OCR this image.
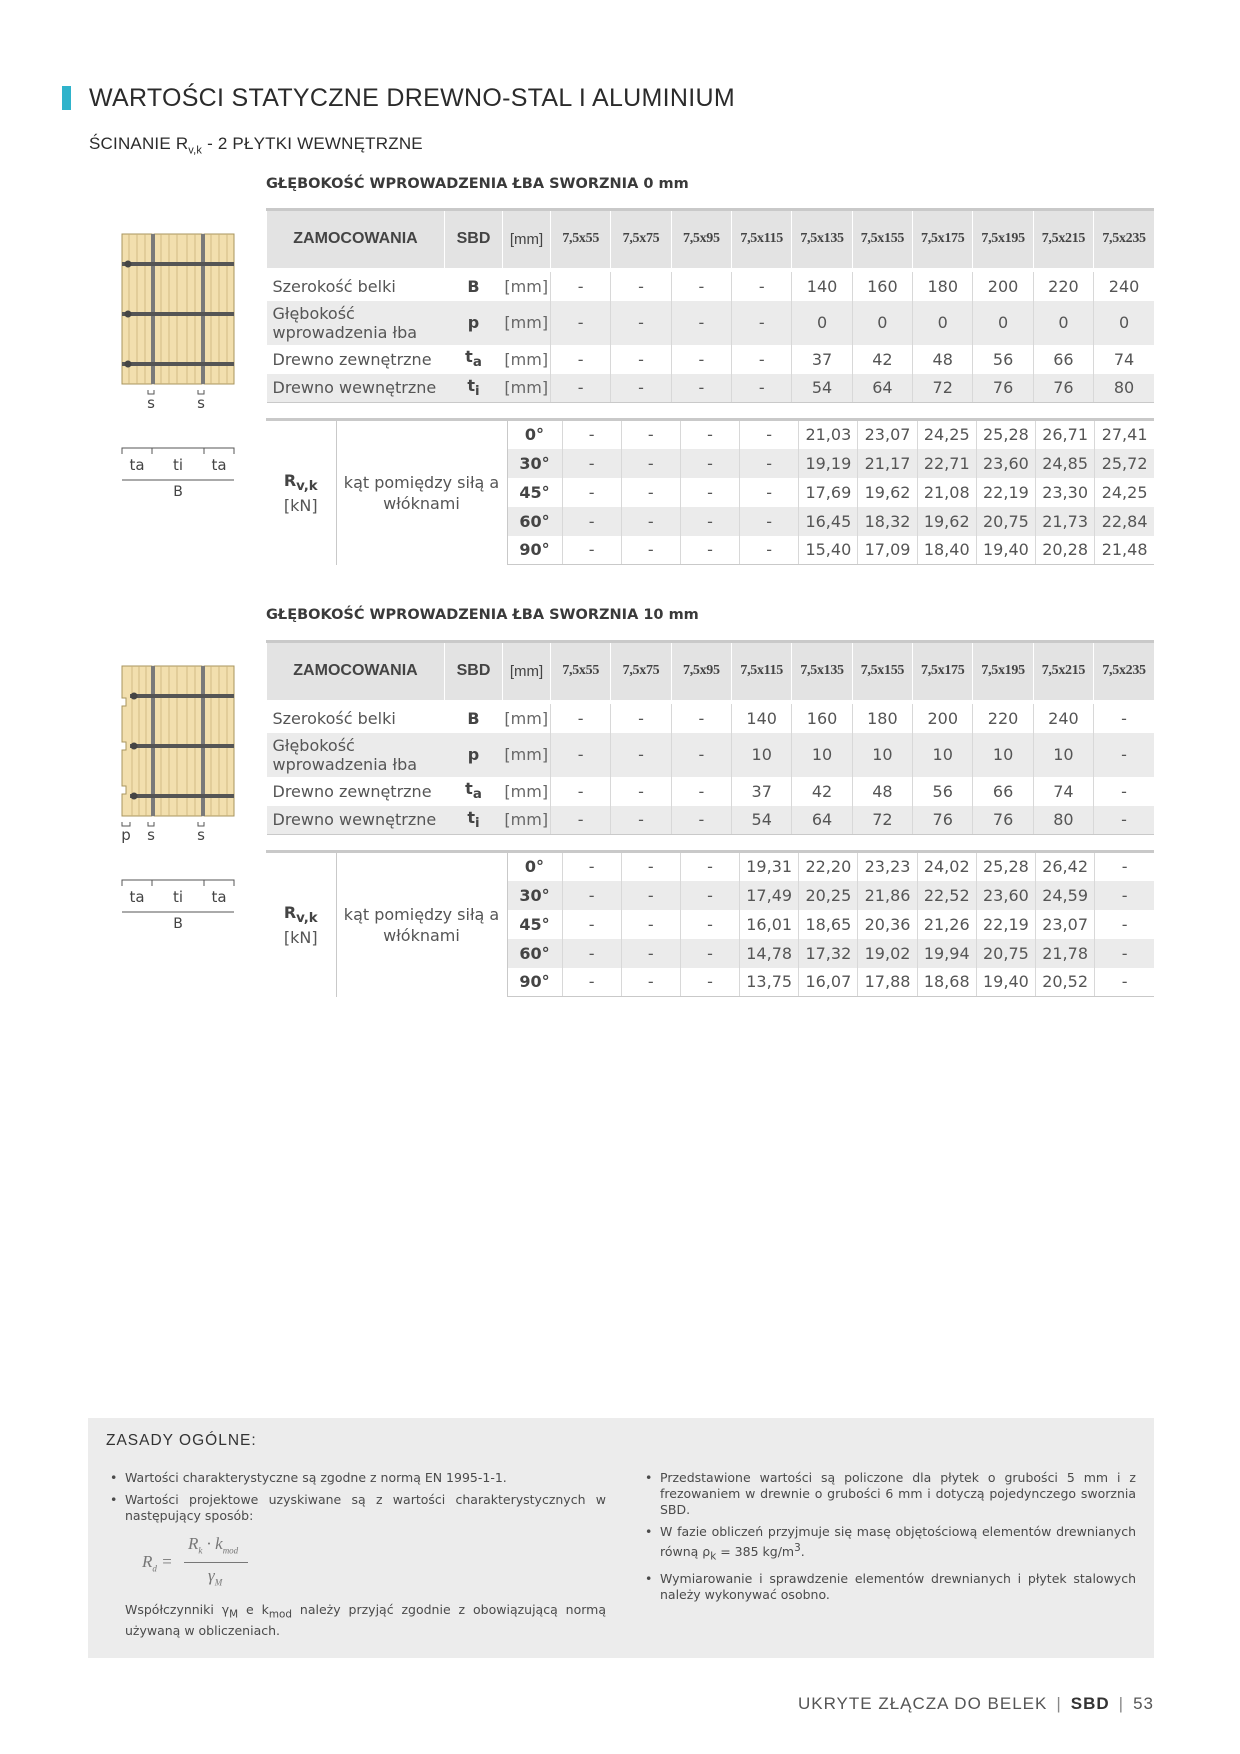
WARTOŚCI STATYCZNE DREWNO-STAL I ALUMINIUM
ŚCINANIE $R_{v,k} - 2$ PŁYTKI WEWNĘTRZNE
GŁĘBOKOŚĆ WPROWADZENIA ŁBA SWORZNIA 0 mm
ZAMOCOWANIA	SBD	[mm]	7,5x55	7,5x75	7,5x95	7,5x115	7,5x135	7,5x155	7,5x175	7,5x195	7,5x215	7,5x235

Szerokość belki	B	[mm]	-	-	-	-	140	160	180	200	220	240
Głębokość wprowadzenia łba	p	[mm]	-	-	-	-	0	0	0	0	0	0
Drewno zewnętrzne	$t_a$	[mm]	-	-	-	-	37	42	48	56	66	74
Drewno wewnętrzne	$t_i$	[mm]	-	-	-	-	54	64	72	76	76	80
$R_{v,k}$
[kN]	kąt pomiędzy siłą a włóknami	0°	-	-	-	-	21,03	23,07	24,25	25,28	26,71	27,41
		30°	-	-	-	-	19,19	21,17	22,71	23,60	24,85	25,72
		45°	-	-	-	-	17,69	19,62	21,08	22,19	23,30	24,25
		60°	-	-	-	-	16,45	18,32	19,62	20,75	21,73	22,84
		90°	-	-	-	-	15,40	17,09	18,40	19,40	20,28	21,48
s	s
ta ti ta
B
GŁĘBOKOŚĆ WPROWADZENIA ŁBA SWORZNIA 10 mm
ZAMOCOWANIA	SBD	[mm]	7,5x55	7,5x75	7,5x95	7,5x115	7,5x135	7,5x155	7,5x175	7,5x195	7,5x215	7,5x235

Szerokość belki	B	[mm]	-	-	-	140	160	180	200	220	240	-
Głębokość wprowadzenia łba	p	[mm]	-	-	-	10	10	10	10	10	10	-
Drewno zewnętrzne	$t_a$	[mm]	-	-	-	37	42	48	56	66	74	-
Drewno wewnętrzne	$t_i$	[mm]	-	-	-	54	64	72	76	76	80	-
$R_{v,k}$
[kN]	kąt pomiędzy siłą a włóknami	0°	-	-	-	19,31	22,20	23,23	24,02	25,28	26,42	-
		30°	-	-	-	17,49	20,25	21,86	22,52	23,60	24,59	-
		45°	-	-	-	16,01	18,65	20,36	21,26	22,19	23,07	-
		60°	-	-	-	14,78	17,32	19,02	19,94	20,75	21,78	-
		90°	-	-	-	13,75	16,07	17,88	18,68	19,40	20,52	-
p s	s
ta ti ta
B
ZASADY OGÓLNE:
• Wartości charakterystyczne są zgodne z normą EN 1995-1-1.
• Wartości projektowe uzyskiwane są z wartości charakterystycznych w następujący sposób:
$R_d$ =
$R_k \cdot k_{mod}$
$\gamma_M$
Współczynniki $\gamma_M$ e $k_{mod}$ należy przyjąć zgodnie z obowiązującą normą używaną w obliczeniach.
• Przedstawione wartości są policzone dla płytek o grubości 5 mm i z frezowaniem w drewnie o grubości 6 mm i dotyczą pojedynczego sworznia SBD.
• W fazie obliczeń przyjmuje się masę objętościową elementów drewnianych równą $\rho_k = 385$ $kg/m^3$.
• Wymiarowanie i sprawdzenie elementów drewnianych i płytek stalowych należy wykonywać osobno.
UKRYTE ZŁĄCZA DO BELEK | SBD | 53
